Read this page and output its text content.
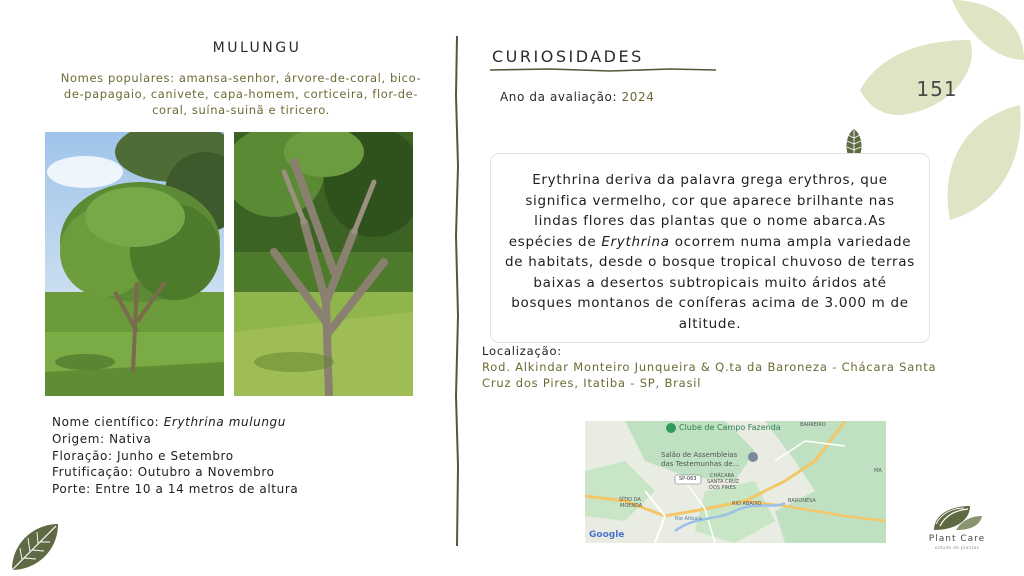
MULUNGU
Nomes populares: amansa-senhor, árvore-de-coral, bico-de-papagaio, canivete, capa-homem, corticeira, flor-de-coral, suína-suinã e tiricero.
Nome científico: Erythrina mulungu
Origem: Nativa
Floração: Junho e Setembro
Frutificação: Outubro a Novembro
Porte: Entre 10 a 14 metros de altura
CURIOSIDADES
Ano da avaliação: 2024	151
Erythrina deriva da palavra grega erythros, que significa vermelho, cor que aparece brilhante nas lindas flores das plantas que o nome abarca.As espécies de Erythrina ocorrem numa ampla variedade de habitats, desde o bosque tropical chuvoso de terras baixas a desertos subtropicais muito áridos até bosques montanos de coníferas acima de 3.000 m de altitude.
Localização:
Rod. Alkindar Monteiro Junqueira & Q.ta da Baroneza - Chácara Santa Cruz dos Pires, Itatiba - SP, Brasil
Clube de Campo Fazenda	BARREIRO
Salão de Assembleias
das Testemunhas de...
SP-063	CHÁCARA
SANTA CRUZ
DOS PIRES
SÍTIO DA
MOENDA
Rio Atibaia
RIO ABAIXO	BARONESA
MA
Google	Plant Care
estudo de plantas
